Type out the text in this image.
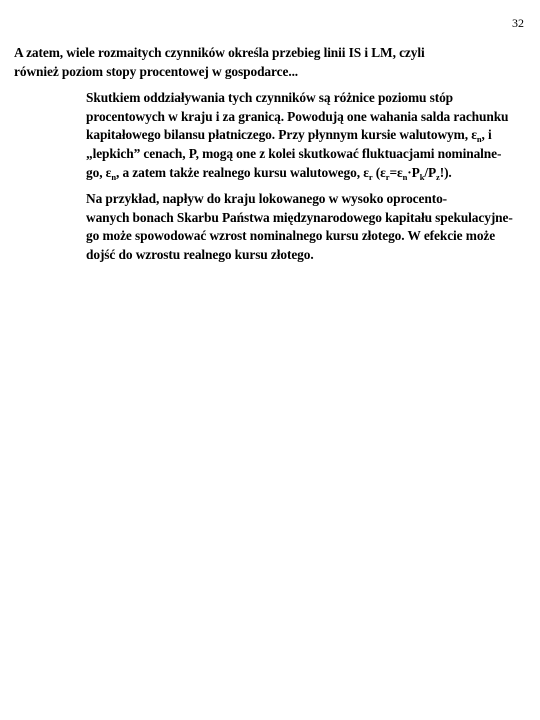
32

A zatem, wiele rozmaitych czynników określa przebieg linii IS i LM, czyli
również poziom stopy procentowej w gospodarce...

Skutkiem oddziaływania tych czynników są różnice poziomu stóp
procentowych w kraju i za granicą. Powodują one wahania salda rachunku
kapitałowego bilansu płatniczego. Przy płynnym kursie walutowym, $\varepsilon_n$, i
„lepkich” cenach, P, mogą one z kolei skutkować fluktuacjami nominalne-
go, $\varepsilon_n$, a zatem także realnego kursu walutowego, $\varepsilon_r$ $(\varepsilon_r=\varepsilon_n\cdot P_k/P_z!)$.

Na przykład, napływ do kraju lokowanego w wysoko oprocento-
wanych bonach Skarbu Państwa międzynarodowego kapitału spekulacyjne-
go może spowodować wzrost nominalnego kursu złotego. W efekcie może
dojść do wzrostu realnego kursu złotego.
